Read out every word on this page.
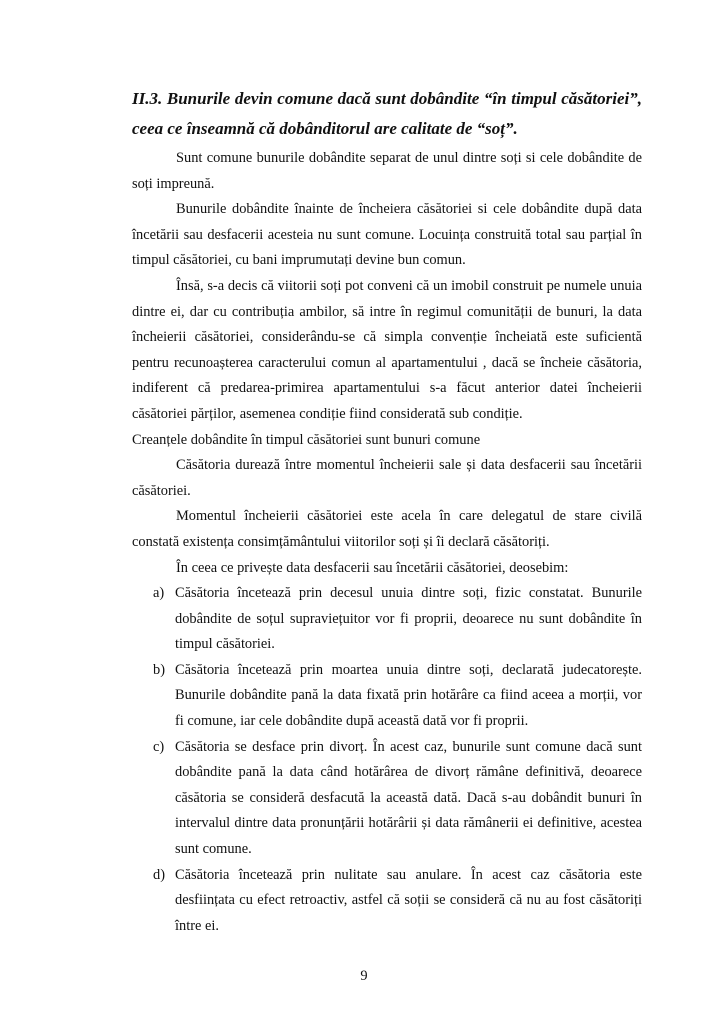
II.3. Bunurile devin comune dacă sunt dobândite “în timpul căsătoriei”, ceea ce înseamnă că dobânditorul are calitate de “soț”.

Sunt comune bunurile dobândite separat de unul dintre soți si cele dobândite de soți impreună.

Bunurile dobândite înainte de încheiera căsătoriei si cele dobândite după data încetării sau desfacerii acesteia nu sunt comune. Locuința construită total sau parțial în timpul căsătoriei, cu bani imprumutați devine bun comun.

Însă, s-a decis că viitorii soți pot conveni că un imobil construit pe numele unuia dintre ei, dar cu contribuția ambilor, să intre în regimul comunității de bunuri, la data încheierii căsătoriei, considerându-se că simpla convenție încheiată este suficientă pentru recunoașterea caracterului comun al apartamentului , dacă se încheie căsătoria, indiferent că predarea-primirea apartamentului s-a făcut anterior datei încheierii căsătoriei părților, asemenea condiție fiind considerată sub condiție.

Creanțele dobândite în timpul căsătoriei sunt bunuri comune

Căsătoria durează între momentul încheierii sale și data desfacerii sau încetării căsătoriei.

Momentul încheierii căsătoriei este acela în care delegatul de stare civilă constată existența consimțământului viitorilor soți și îi declară căsătoriți.

În ceea ce privește data desfacerii sau încetării căsătoriei, deosebim:

a) Căsătoria încetează prin decesul unuia dintre soți, fizic constatat. Bunurile dobândite de soțul supraviețuitor vor fi proprii, deoarece nu sunt dobândite în timpul căsătoriei.
b) Căsătoria încetează prin moartea unuia dintre soți, declarată judecatorește. Bunurile dobândite pană la data fixată prin hotărâre ca fiind aceea a morții, vor fi comune, iar cele dobândite după această dată vor fi proprii.
c) Căsătoria se desface prin divorț. În acest caz, bunurile sunt comune dacă sunt dobândite pană la data când hotărârea de divorț rămâne definitivă, deoarece căsătoria se consideră desfacută la această dată. Dacă s-au dobândit bunuri în intervalul dintre data pronunțării hotărârii și data rămânerii ei definitive, acestea sunt comune.
d) Căsătoria încetează prin nulitate sau anulare. În acest caz căsătoria este desființata cu efect retroactiv, astfel că soții se consideră că nu au fost căsătoriți între ei.
9
